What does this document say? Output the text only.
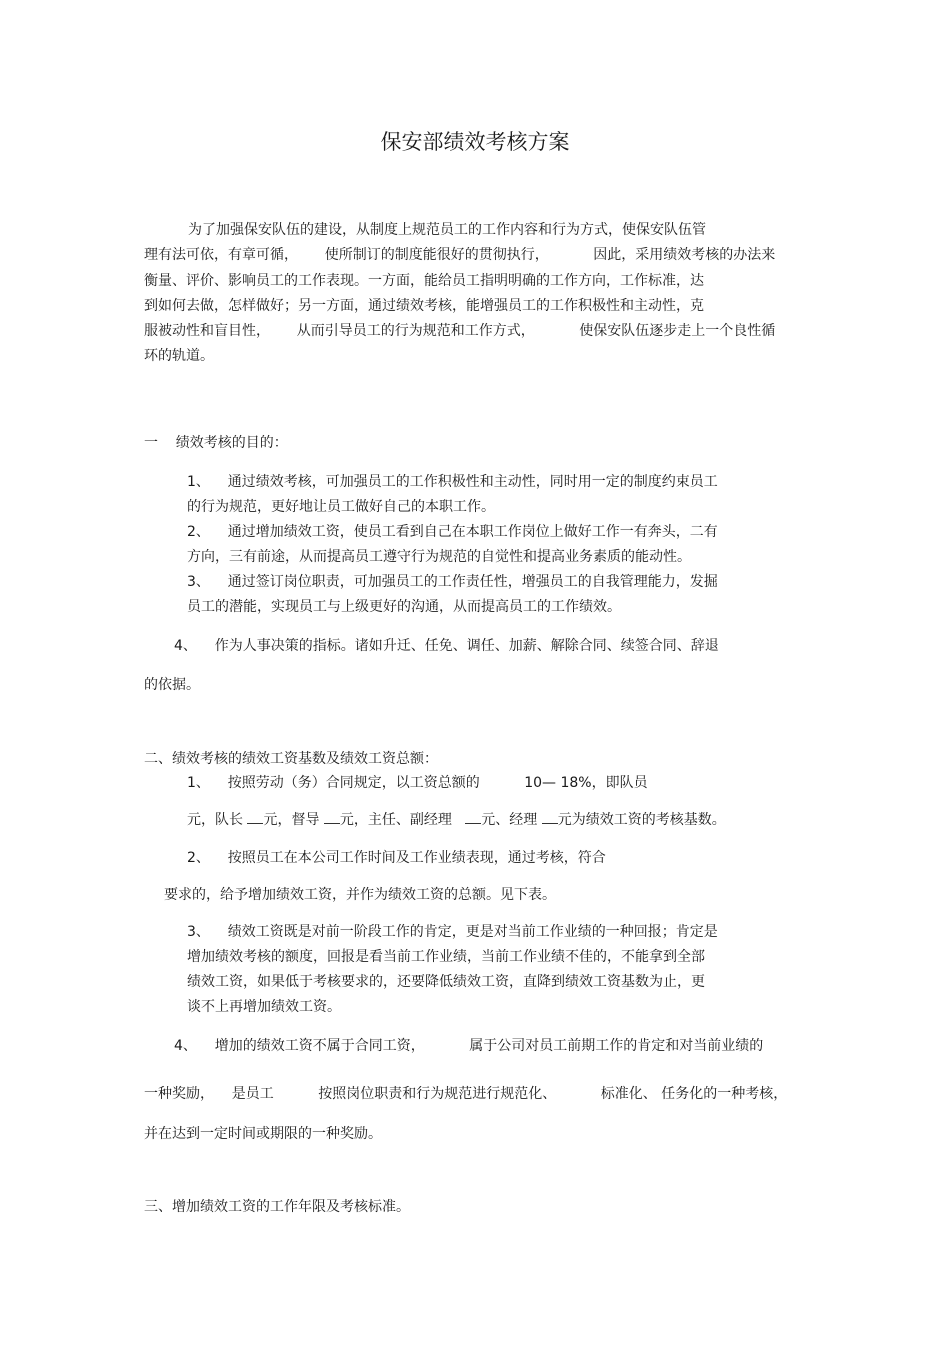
保安部绩效考核方案
为了加强保安队伍的建设，从制度上规范员工的工作内容和行为方式，使保安队伍管
理有法可依，有章可循，      使所制订的制度能很好的贯彻执行，          因此，采用绩效考核的办法来
衡量、评价、影响员工的工作表现。一方面，能给员工指明明确的工作方向，工作标准，达
到如何去做，怎样做好；另一方面，通过绩效考核，能增强员工的工作积极性和主动性，克
服被动性和盲目性，      从而引导员工的行为规范和工作方式，          使保安队伍逐步走上一个良性循
环的轨道。
一    绩效考核的目的：
1、    通过绩效考核，可加强员工的工作积极性和主动性，同时用一定的制度约束员工
的行为规范，更好地让员工做好自己的本职工作。
2、    通过增加绩效工资，使员工看到自己在本职工作岗位上做好工作一有奔头，二有
方向，三有前途，从而提高员工遵守行为规范的自觉性和提高业务素质的能动性。
3、    通过签订岗位职责，可加强员工的工作责任性，增强员工的自我管理能力，发掘
员工的潜能，实现员工与上级更好的沟通，从而提高员工的工作绩效。
4、    作为人事决策的指标。诸如升迁、任免、调任、加薪、解除合同、续签合同、辞退
的依据。
二、绩效考核的绩效工资基数及绩效工资总额：
1、    按照劳动（务）合同规定，以工资总额的          10— 18%，即队员
元，队长 元，督导 元，主任、副经理   元、经理 元为绩效工资的考核基数。
2、    按照员工在本公司工作时间及工作业绩表现，通过考核，符合
要求的，给予增加绩效工资，并作为绩效工资的总额。见下表。
3、    绩效工资既是对前一阶段工作的肯定，更是对当前工作业绩的一种回报；肯定是
增加绩效考核的额度，回报是看当前工作业绩，当前工作业绩不佳的，不能拿到全部
绩效工资，如果低于考核要求的，还要降低绩效工资，直降到绩效工资基数为止，更
谈不上再增加绩效工资。
4、    增加的绩效工资不属于合同工资，          属于公司对员工前期工作的肯定和对当前业绩的
一种奖励，    是员工          按照岗位职责和行为规范进行规范化、          标准化、 任务化的一种考核，
并在达到一定时间或期限的一种奖励。
三、增加绩效工资的工作年限及考核标准。
